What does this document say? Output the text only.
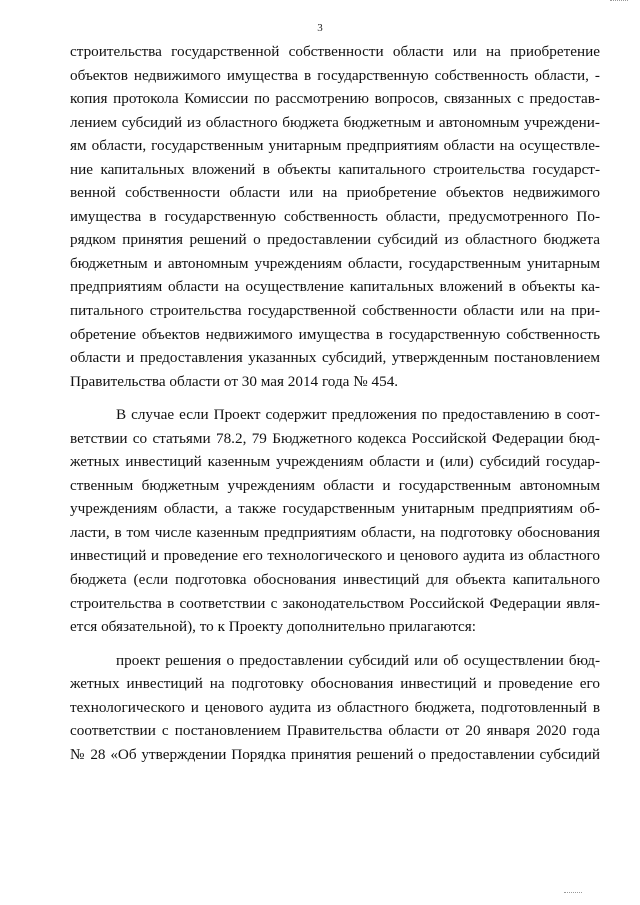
3
строительства государственной собственности области или на приобретение
объектов недвижимого имущества в государственную собственность области, -
копия протокола Комиссии по рассмотрению вопросов, связанных с предостав-
лением субсидий из областного бюджета бюджетным и автономным учреждени-
ям области, государственным унитарным предприятиям области на осуществле-
ние капитальных вложений в объекты капитального строительства государст-
венной собственности области или на приобретение объектов недвижимого
имущества в государственную собственность области, предусмотренного По-
рядком принятия решений о предоставлении субсидий из областного бюджета
бюджетным и автономным учреждениям области, государственным унитарным
предприятиям области на осуществление капитальных вложений в объекты ка-
питального строительства государственной собственности области или на при-
обретение объектов недвижимого имущества в государственную собственность
области и предоставления указанных субсидий, утвержденным постановлением
Правительства области от 30 мая 2014 года № 454.
В случае если Проект содержит предложения по предоставлению в соот-
ветствии со статьями 78.2, 79 Бюджетного кодекса Российской Федерации бюд-
жетных инвестиций казенным учреждениям области и (или) субсидий государ-
ственным бюджетным учреждениям области и государственным автономным
учреждениям области, а также государственным унитарным предприятиям об-
ласти, в том числе казенным предприятиям области, на подготовку обоснования
инвестиций и проведение его технологического и ценового аудита из областного
бюджета (если подготовка обоснования инвестиций для объекта капитального
строительства в соответствии с законодательством Российской Федерации явля-
ется обязательной), то к Проекту дополнительно прилагаются:
проект решения о предоставлении субсидий или об осуществлении бюд-
жетных инвестиций на подготовку обоснования инвестиций и проведение его
технологического и ценового аудита из областного бюджета, подготовленный в
соответствии с постановлением Правительства области от 20 января 2020 года
№ 28 «Об утверждении Порядка принятия решений о предоставлении субсидий
